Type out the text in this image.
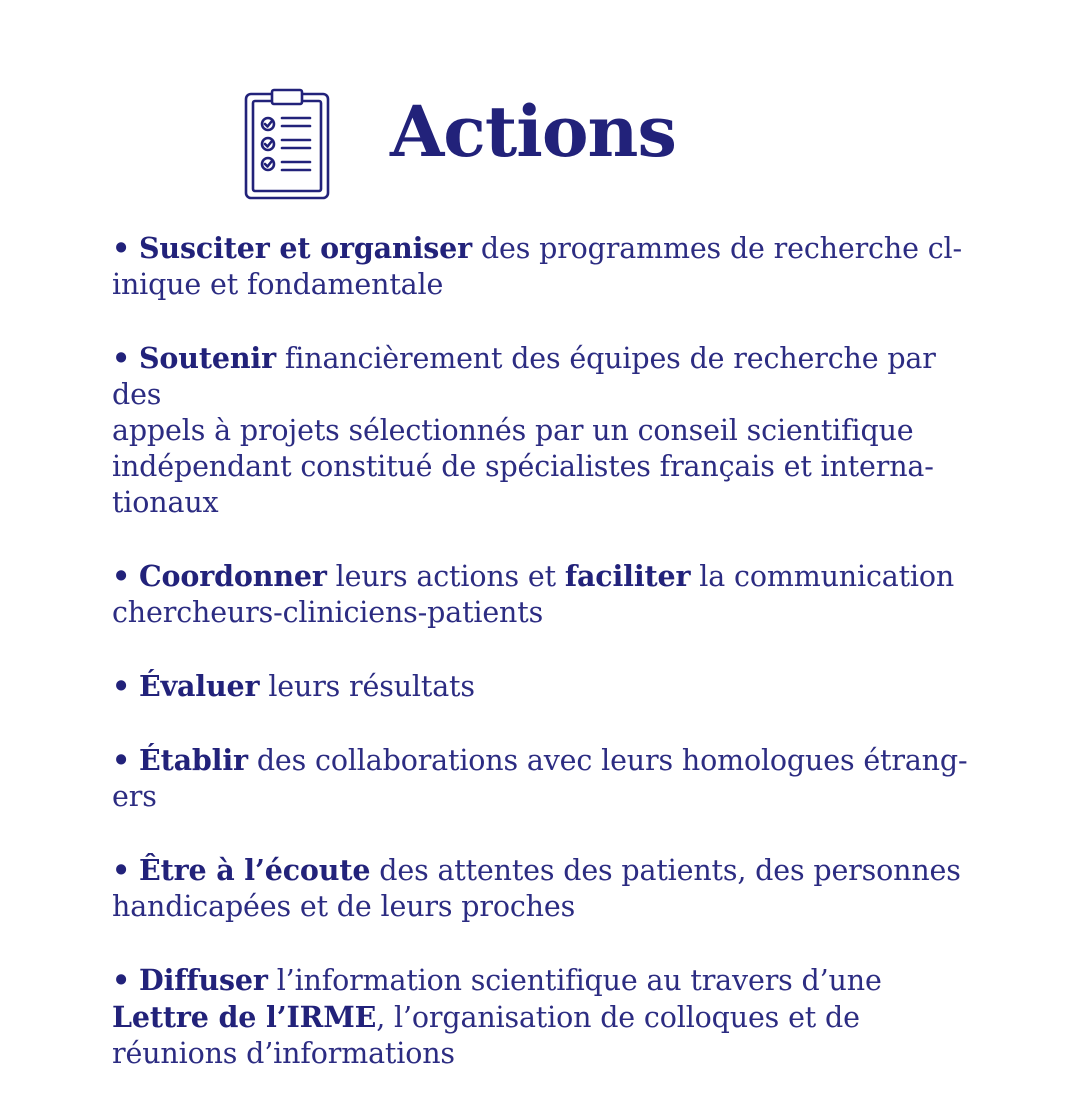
Actions
• Susciter et organiser des programmes de recherche cl-
inique et fondamentale
• Soutenir financièrement des équipes de recherche par des
appels à projets sélectionnés par un conseil scientifique
indépendant constitué de spécialistes français et interna-
tionaux
• Coordonner leurs actions et faciliter la communication
chercheurs-cliniciens-patients
• Évaluer leurs résultats
• Établir des collaborations avec leurs homologues étrang-
ers
• Être à l’écoute des attentes des patients, des personnes
handicapées et de leurs proches
• Diffuser l’information scientifique au travers d’une
Lettre de l’IRME, l’organisation de colloques et de
réunions d’informations
